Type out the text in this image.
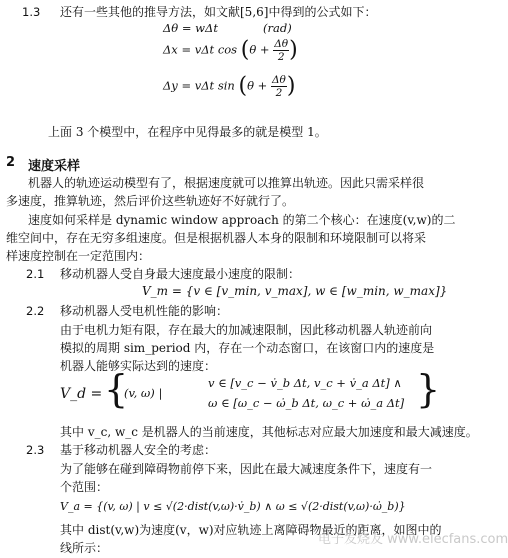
1.3 还有一些其他的推导方法，如文献[5,6]中得到的公式如下：
Δθ = wΔt	(rad)
Δx = vΔt $\cos (\theta + \frac{\Delta\theta}{2}$ )
Δy = vΔt $\sin (\theta + \frac{\Delta\theta}{2}$ )
上面 3 个模型中，在程序中见得最多的就是模型 1。
2 速度采样
机器人的轨迹运动模型有了，根据速度就可以推算出轨迹。因此只需采样很
多速度，推算轨迹，然后评价这些轨迹好不好就行了。
速度如何采样是 dynamic window approach 的第二个核心：在速度(v,w)的二
维空间中，存在无穷多组速度。但是根据机器人本身的限制和环境限制可以将采
样速度控制在一定范围内：
2.1 移动机器人受自身最大速度最小速度的限制：
V_m = {v ∈ [v_min, v_max], w ∈ [w_min, w_max]}
2.2 移动机器人受电机性能的影响：
由于电机力矩有限，存在最大的加减速限制，因此移动机器人轨迹前向
模拟的周期 sim_period 内，存在一个动态窗口，在该窗口内的速度是
机器人能够实际达到的速度：
V_d = {
(v, ω) |
v ∈ [v_c − v̇_b Δt, v_c + v̇_a Δt] ∧
ω ∈ [ω_c − ω̇_b Δt, ω_c + ω̇_a Δt] }
其中 v_c, w_c 是机器人的当前速度，其他标志对应最大加速度和最大减速度。
2.3 基于移动机器人安全的考虑：
为了能够在碰到障碍物前停下来，因此在最大减速度条件下，速度有一
个范围：
V_a = {(v, ω) | v ≤ √(2·dist(v,ω)·v̇_b) ∧ ω ≤ √(2·dist(v,ω)·ω̇_b)}
其中 dist(v,w)为速度(v，w)对应轨迹上离障碍物最近的距离，如图中的
线所示：
电子发烧友 www.elecfans.com
